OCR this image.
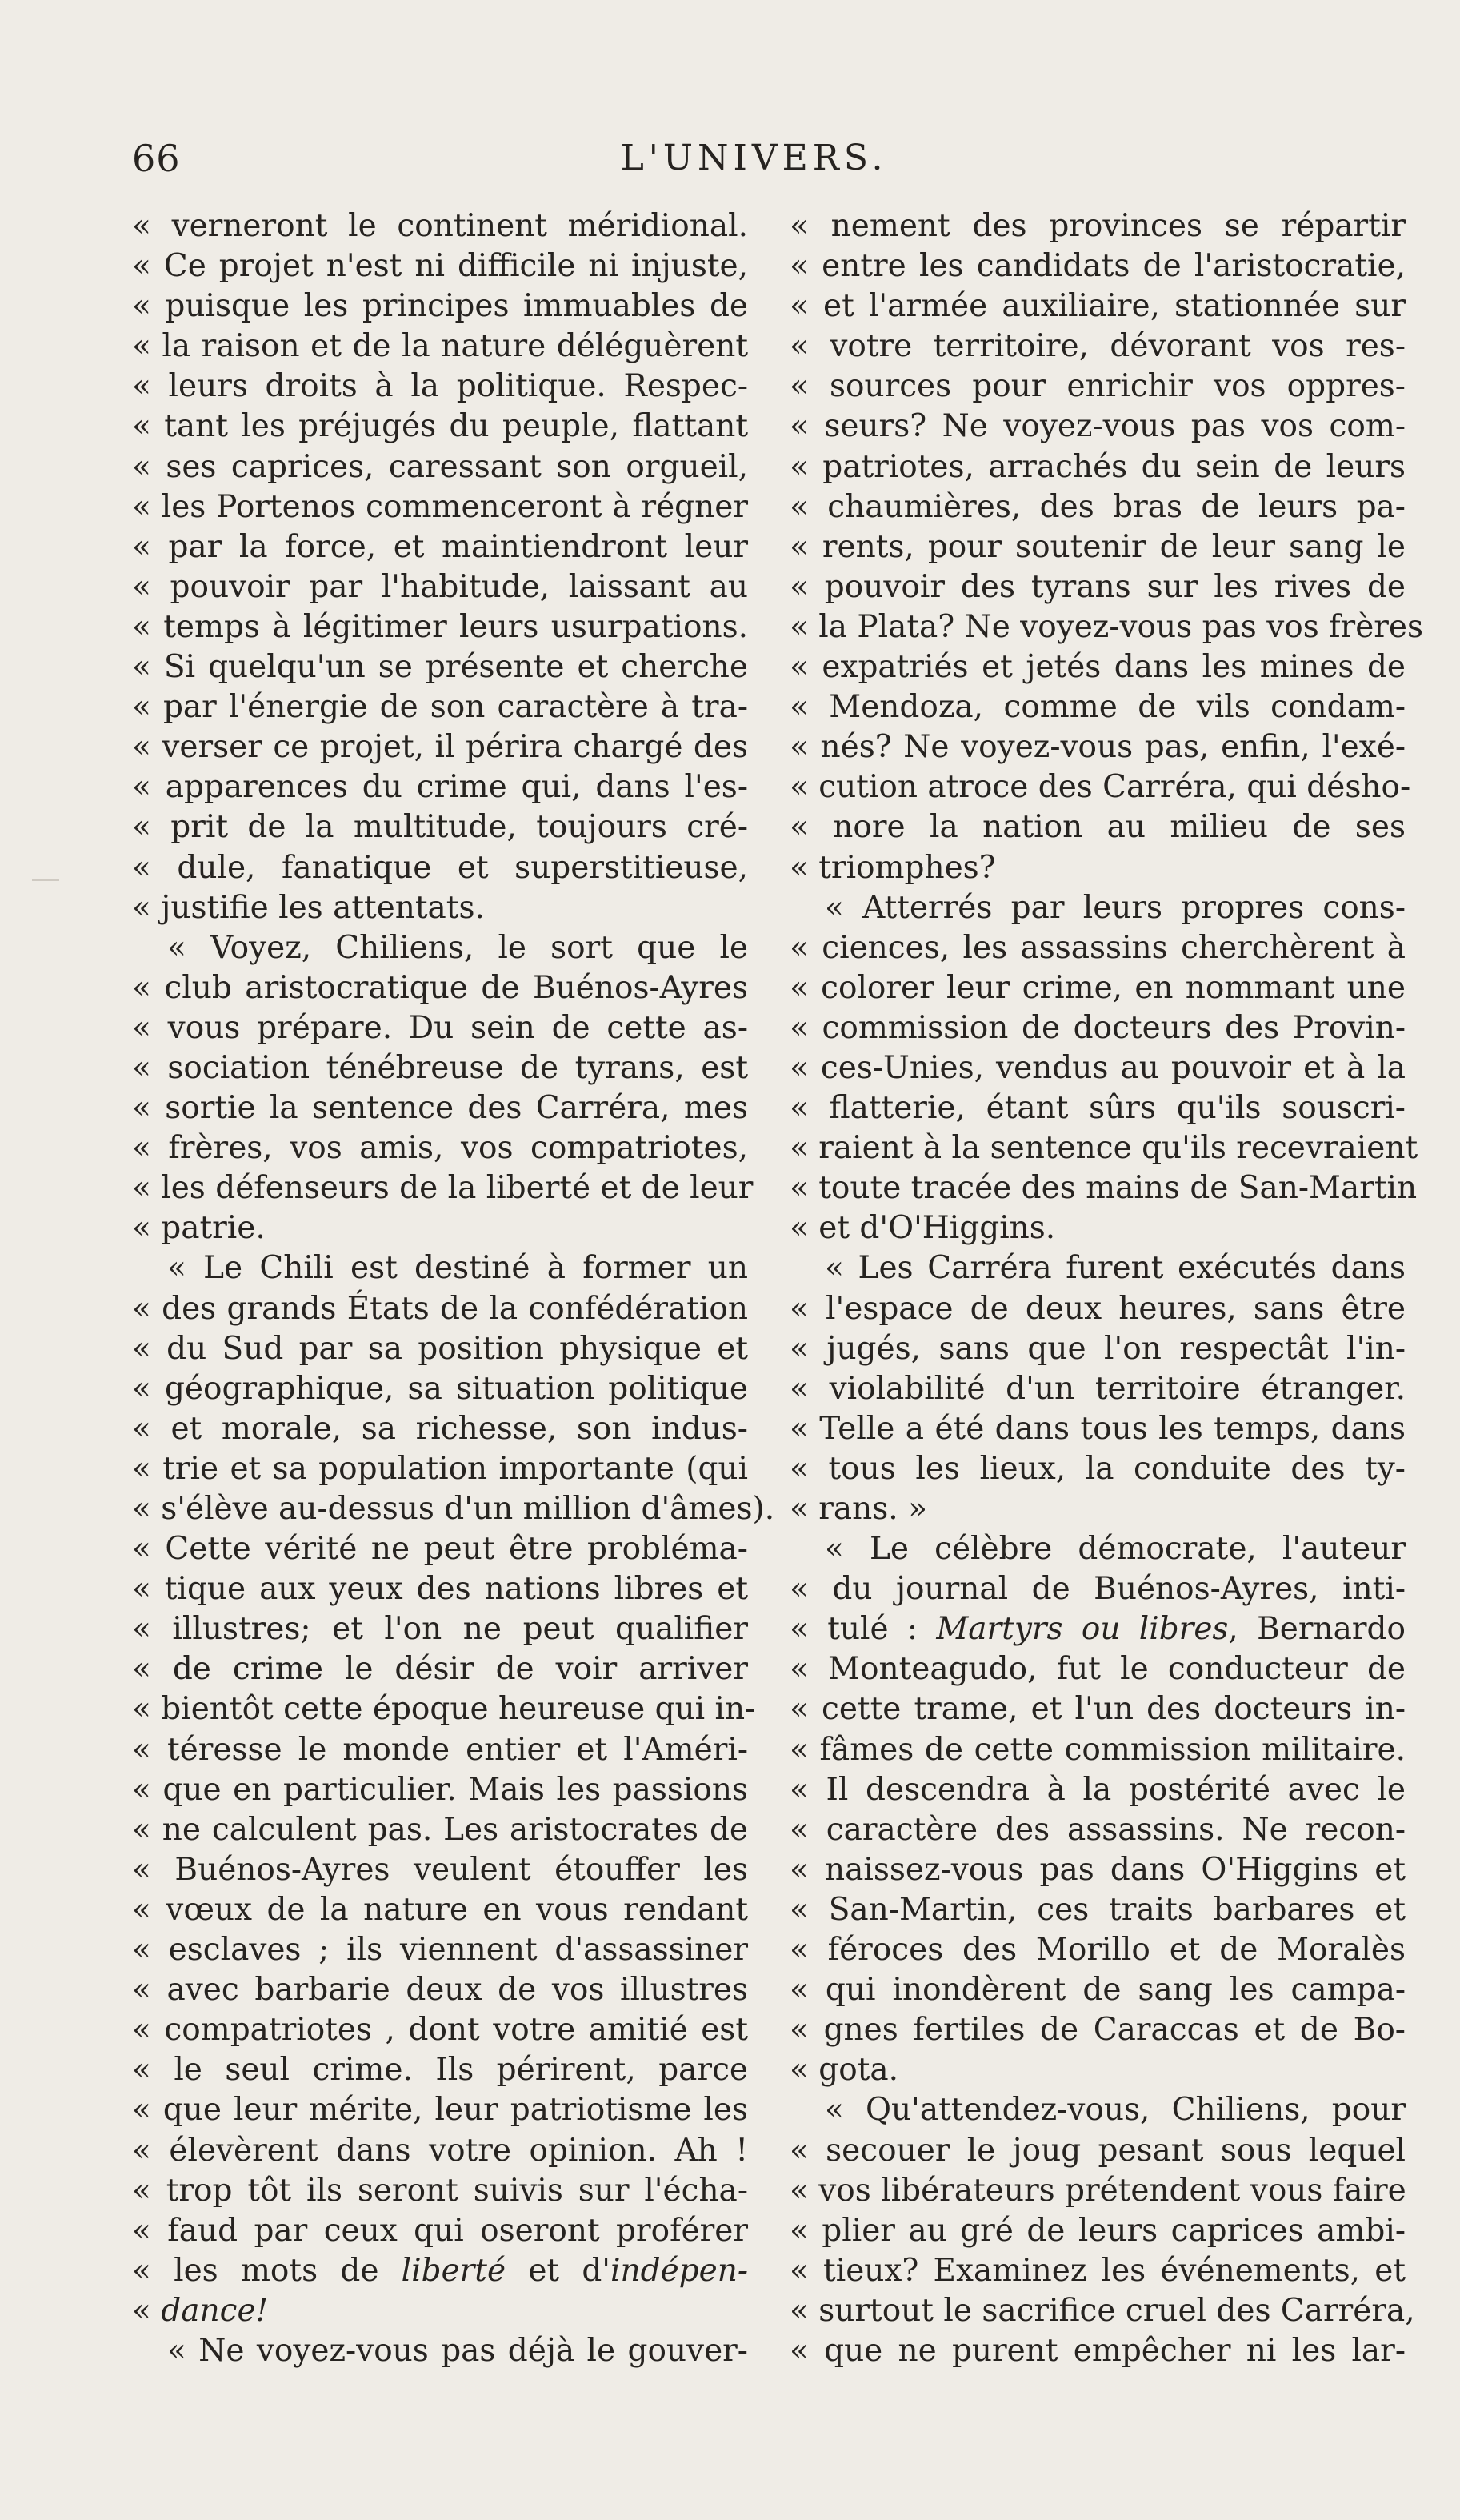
66	L'UNIVERS.
« verneront le continent méridional.
« Ce projet n'est ni difficile ni injuste,
« puisque les principes immuables de
« la raison et de la nature déléguèrent
« leurs droits à la politique. Respec-
« tant les préjugés du peuple, flattant
« ses caprices, caressant son orgueil,
« les Portenos commenceront à régner
« par la force, et maintiendront leur
« pouvoir par l'habitude, laissant au
« temps à légitimer leurs usurpations.
« Si quelqu'un se présente et cherche
« par l'énergie de son caractère à tra-
« verser ce projet, il périra chargé des
« apparences du crime qui, dans l'es-
« prit de la multitude, toujours cré-
« dule, fanatique et superstitieuse,
« justifie les attentats.
« Voyez, Chiliens, le sort que le
« club aristocratique de Buénos-Ayres
« vous prépare. Du sein de cette as-
« sociation ténébreuse de tyrans, est
« sortie la sentence des Carréra, mes
« frères, vos amis, vos compatriotes,
« les défenseurs de la liberté et de leur
« patrie.
« Le Chili est destiné à former un
« des grands États de la confédération
« du Sud par sa position physique et
« géographique, sa situation politique
« et morale, sa richesse, son indus-
« trie et sa population importante (qui
« s'élève au-dessus d'un million d'âmes).
« Cette vérité ne peut être probléma-
« tique aux yeux des nations libres et
« illustres; et l'on ne peut qualifier
« de crime le désir de voir arriver
« bientôt cette époque heureuse qui in-
« téresse le monde entier et l'Améri-
« que en particulier. Mais les passions
« ne calculent pas. Les aristocrates de
« Buénos-Ayres veulent étouffer les
« vœux de la nature en vous rendant
« esclaves ; ils viennent d'assassiner
« avec barbarie deux de vos illustres
« compatriotes , dont votre amitié est
« le seul crime. Ils périrent, parce
« que leur mérite, leur patriotisme les
« élevèrent dans votre opinion. Ah !
« trop tôt ils seront suivis sur l'écha-
« faud par ceux qui oseront proférer
« les mots de liberté et d'indépen-
« dance!
« Ne voyez-vous pas déjà le gouver-
« nement des provinces se répartir
« entre les candidats de l'aristocratie,
« et l'armée auxiliaire, stationnée sur
« votre territoire, dévorant vos res-
« sources pour enrichir vos oppres-
« seurs? Ne voyez-vous pas vos com-
« patriotes, arrachés du sein de leurs
« chaumières, des bras de leurs pa-
« rents, pour soutenir de leur sang le
« pouvoir des tyrans sur les rives de
« la Plata? Ne voyez-vous pas vos frères
« expatriés et jetés dans les mines de
« Mendoza, comme de vils condam-
« nés? Ne voyez-vous pas, enfin, l'exé-
« cution atroce des Carréra, qui désho-
« nore la nation au milieu de ses
« triomphes?
« Atterrés par leurs propres cons-
« ciences, les assassins cherchèrent à
« colorer leur crime, en nommant une
« commission de docteurs des Provin-
« ces-Unies, vendus au pouvoir et à la
« flatterie, étant sûrs qu'ils souscri-
« raient à la sentence qu'ils recevraient
« toute tracée des mains de San-Martin
« et d'O'Higgins.
« Les Carréra furent exécutés dans
« l'espace de deux heures, sans être
« jugés, sans que l'on respectât l'in-
« violabilité d'un territoire étranger.
« Telle a été dans tous les temps, dans
« tous les lieux, la conduite des ty-
« rans. »
« Le célèbre démocrate, l'auteur
« du journal de Buénos-Ayres, inti-
« tulé : Martyrs ou libres, Bernardo
« Monteagudo, fut le conducteur de
« cette trame, et l'un des docteurs in-
« fâmes de cette commission militaire.
« Il descendra à la postérité avec le
« caractère des assassins. Ne recon-
« naissez-vous pas dans O'Higgins et
« San-Martin, ces traits barbares et
« féroces des Morillo et de Moralès
« qui inondèrent de sang les campa-
« gnes fertiles de Caraccas et de Bo-
« gota.
« Qu'attendez-vous, Chiliens, pour
« secouer le joug pesant sous lequel
« vos libérateurs prétendent vous faire
« plier au gré de leurs caprices ambi-
« tieux? Examinez les événements, et
« surtout le sacrifice cruel des Carréra,
« que ne purent empêcher ni les lar-
